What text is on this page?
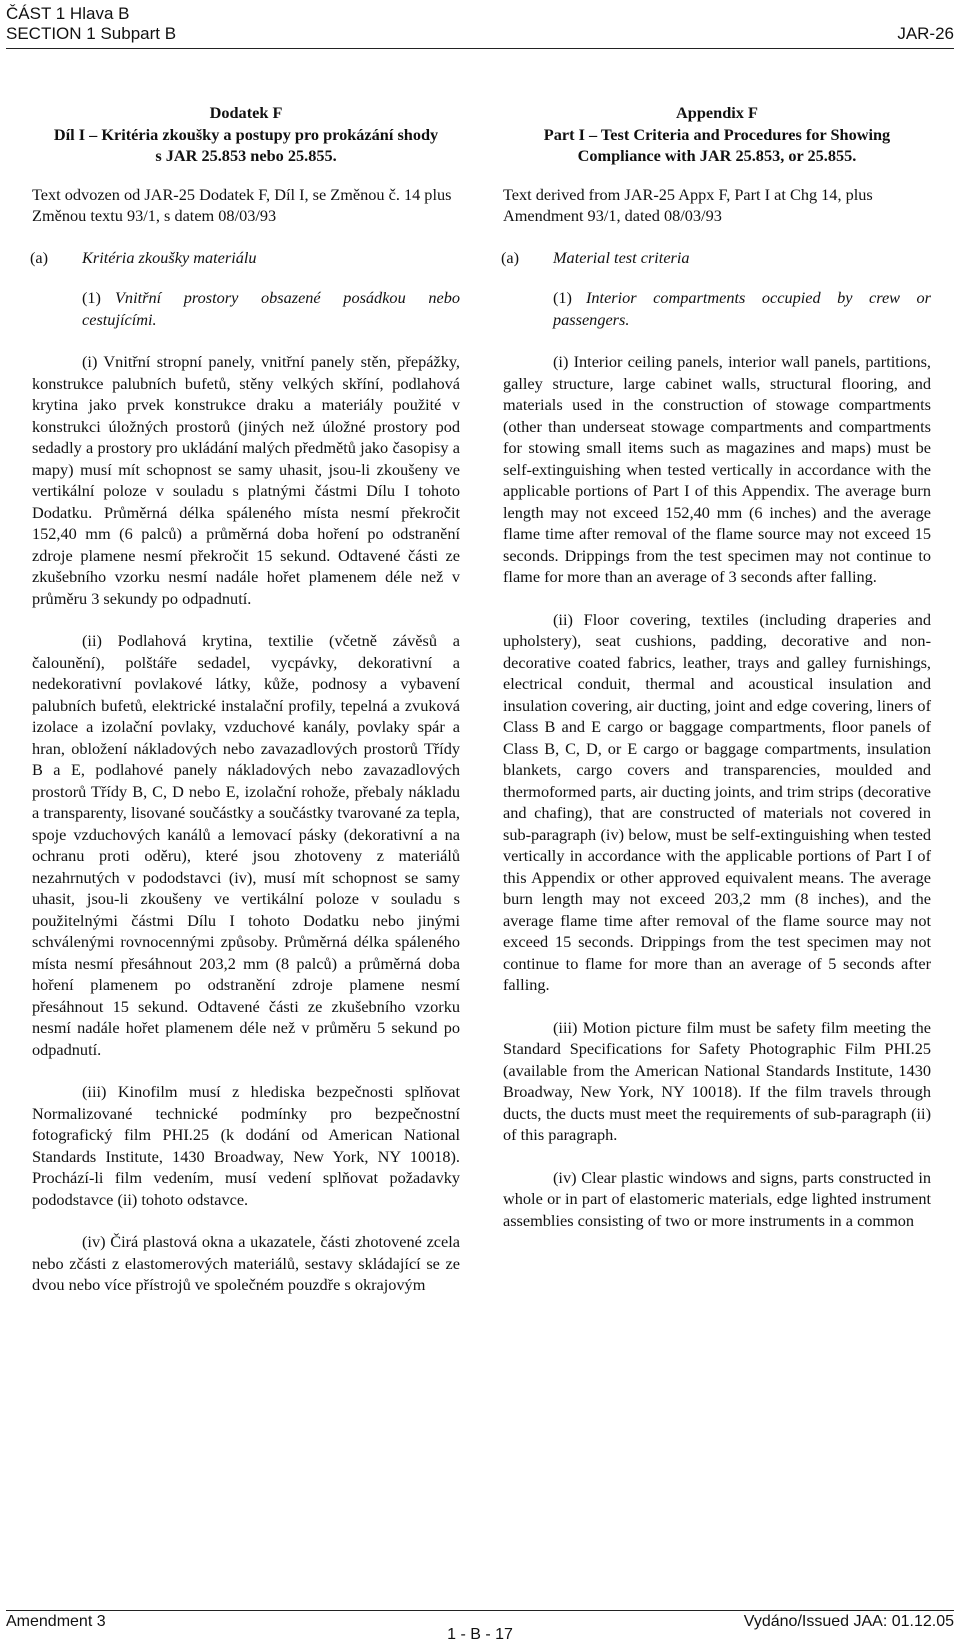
ČÁST 1 Hlava B
SECTION 1 Subpart B	JAR-26
Dodatek F
Díl I – Kritéria zkoušky a postupy pro prokázání shody
s JAR 25.853 nebo 25.855.
Text odvozen od JAR-25 Dodatek F, Díl I, se Změnou č. 14 plus Změnou textu 93/1, s datem 08/03/93
(a) Kritéria zkoušky materiálu
(1) Vnitřní prostory obsazené posádkou nebo cestujícími.

(i) Vnitřní stropní panely, vnitřní panely stěn, přepážky, konstrukce palubních bufetů, stěny velkých skříní, podlahová krytina jako prvek konstrukce draku a materiály použité v konstrukci úložných prostorů (jiných než úložné prostory pod sedadly a prostory pro ukládání malých předmětů jako časopisy a mapy) musí mít schopnost se samy uhasit, jsou-li zkoušeny ve vertikální poloze v souladu s platnými částmi Dílu I tohoto Dodatku. Průměrná délka spáleného místa nesmí překročit 152,40 mm (6 palců) a průměrná doba hoření po odstranění zdroje plamene nesmí překročit 15 sekund. Odtavené části ze zkušebního vzorku nesmí nadále hořet plamenem déle než v průměru 3 sekundy po odpadnutí.

(ii) Podlahová krytina, textilie (včetně závěsů a čalounění), polštáře sedadel, vycpávky, dekorativní a nedekorativní povlakové látky, kůže, podnosy a vybavení palubních bufetů, elektrické instalační profily, tepelná a zvuková izolace a izolační povlaky, vzduchové kanály, povlaky spár a hran, obložení nákladových nebo zavazadlových prostorů Třídy B a E, podlahové panely nákladových nebo zavazadlových prostorů Třídy B, C, D nebo E, izolační rohože, přebaly nákladu a transparenty, lisované součástky a součástky tvarované za tepla, spoje vzduchových kanálů a lemovací pásky (dekorativní a na ochranu proti oděru), které jsou zhotoveny z materiálů nezahrnutých v pododstavci (iv), musí mít schopnost se samy uhasit, jsou-li zkoušeny ve vertikální poloze v souladu s použitelnými částmi Dílu I tohoto Dodatku nebo jinými schválenými rovnocennými způsoby. Průměrná délka spáleného místa nesmí přesáhnout 203,2 mm (8 palců) a průměrná doba hoření plamenem po odstranění zdroje plamene nesmí přesáhnout 15 sekund. Odtavené části ze zkušebního vzorku nesmí nadále hořet plamenem déle než v průměru 5 sekund po odpadnutí.

(iii) Kinofilm musí z hlediska bezpečnosti splňovat Normalizované technické podmínky pro bezpečnostní fotografický film PHI.25 (k dodání od American National Standards Institute, 1430 Broadway, New York, NY 10018). Prochází-li film vedením, musí vedení splňovat požadavky pododstavce (ii) tohoto odstavce.

(iv) Čirá plastová okna a ukazatele, části zhotovené zcela nebo zčásti z elastomerových materiálů, sestavy skládající se ze dvou nebo více přístrojů ve společném pouzdře s okrajovým

Appendix F
Part I – Test Criteria and Procedures for Showing
Compliance with JAR 25.853, or 25.855.
Text derived from JAR-25 Appx F, Part I at Chg 14, plus Amendment 93/1, dated 08/03/93
(a) Material test criteria
(1) Interior compartments occupied by crew or passengers.

(i) Interior ceiling panels, interior wall panels, partitions, galley structure, large cabinet walls, structural flooring, and materials used in the construction of stowage compartments (other than underseat stowage compartments and compartments for stowing small items such as magazines and maps) must be self-extinguishing when tested vertically in accordance with the applicable portions of Part I of this Appendix. The average burn length may not exceed 152,40 mm (6 inches) and the average flame time after removal of the flame source may not exceed 15 seconds. Drippings from the test specimen may not continue to flame for more than an average of 3 seconds after falling.

(ii) Floor covering, textiles (including draperies and upholstery), seat cushions, padding, decorative and non-decorative coated fabrics, leather, trays and galley furnishings, electrical conduit, thermal and acoustical insulation and insulation covering, air ducting, joint and edge covering, liners of Class B and E cargo or baggage compartments, floor panels of Class B, C, D, or E cargo or baggage compartments, insulation blankets, cargo covers and transparencies, moulded and thermoformed parts, air ducting joints, and trim strips (decorative and chafing), that are constructed of materials not covered in sub-paragraph (iv) below, must be self-extinguishing when tested vertically in accordance with the applicable portions of Part I of this Appendix or other approved equivalent means. The average burn length may not exceed 203,2 mm (8 inches), and the average flame time after removal of the flame source may not exceed 15 seconds. Drippings from the test specimen may not continue to flame for more than an average of 5 seconds after falling.

(iii) Motion picture film must be safety film meeting the Standard Specifications for Safety Photographic Film PHI.25 (available from the American National Standards Institute, 1430 Broadway, New York, NY 10018). If the film travels through ducts, the ducts must meet the requirements of sub-paragraph (ii) of this paragraph.

(iv) Clear plastic windows and signs, parts constructed in whole or in part of elastomeric materials, edge lighted instrument assemblies consisting of two or more instruments in a common

Amendment 3	Vydáno/Issued JAA: 01.12.05
1 - B - 17
